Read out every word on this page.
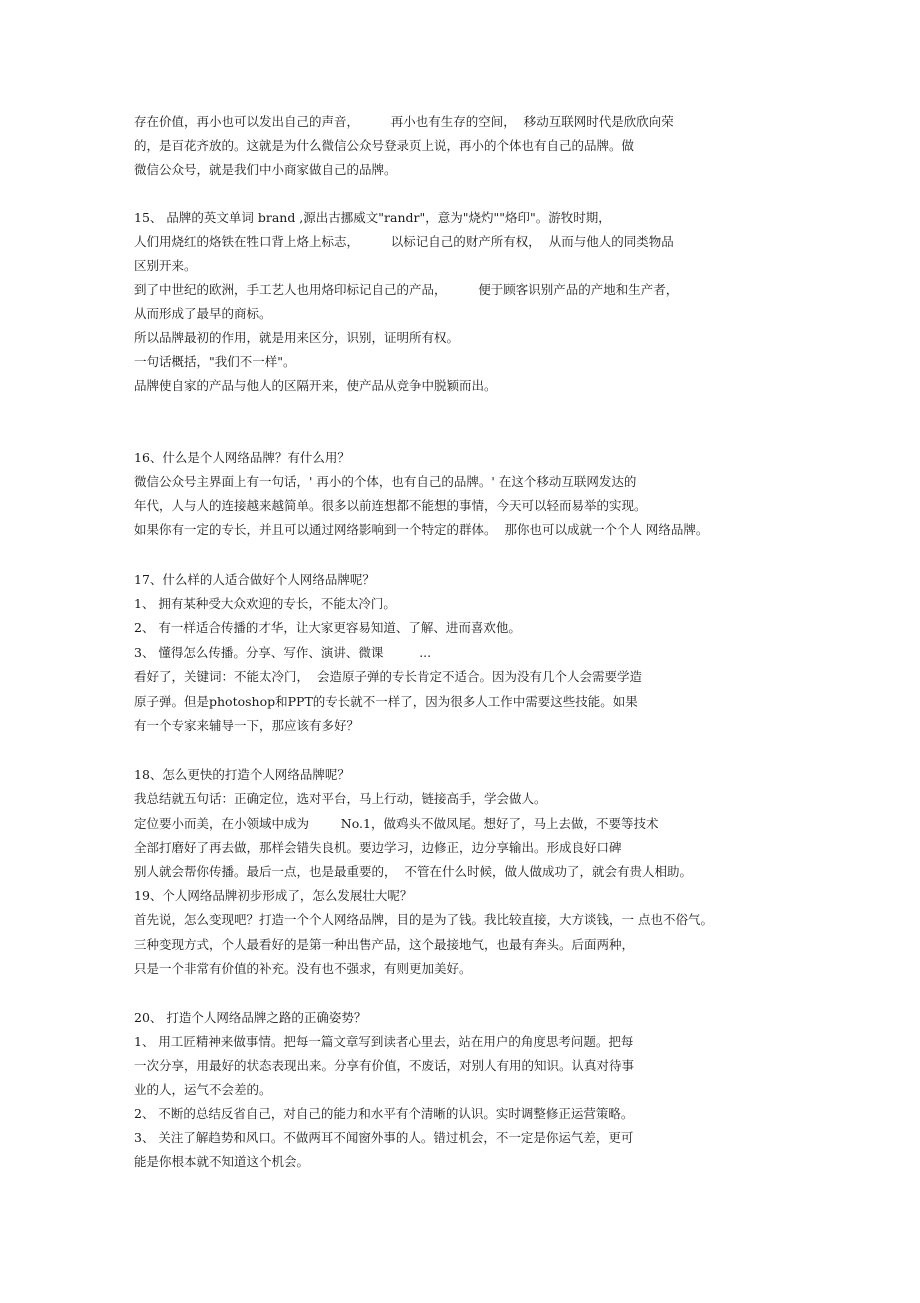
存在价值，再小也可以发出自己的声音，        再小也有生存的空间，  移动互联网时代是欣欣向荣
的，是百花齐放的。这就是为什么微信公众号登录页上说，再小的个体也有自己的品牌。做
微信公众号，就是我们中小商家做自己的品牌。
15、 品牌的英文单词 brand ,源出古挪威文"randr"，意为"烧灼""烙印"。游牧时期，
人们用烧红的烙铁在牲口背上烙上标志，        以标记自己的财产所有权，  从而与他人的同类物品
区别开来。
到了中世纪的欧洲，手工艺人也用烙印标记自己的产品，        便于顾客识别产品的产地和生产者，
从而形成了最早的商标。
所以品牌最初的作用，就是用来区分，识别，证明所有权。
一句话概括，"我们不一样"。
品牌使自家的产品与他人的区隔开来，使产品从竞争中脱颖而出。
16、什么是个人网络品牌？有什么用？
微信公众号主界面上有一句话，' 再小的个体，也有自己的品牌。' 在这个移动互联网发达的
年代，人与人的连接越来越简单。很多以前连想都不能想的事情，今天可以轻而易举的实现。
如果你有一定的专长，并且可以通过网络影响到一个特定的群体。  那你也可以成就一个个人 网络品牌。
17、什么样的人适合做好个人网络品牌呢？
1、 拥有某种受大众欢迎的专长，不能太冷门。
2、 有一样适合传播的才华，让大家更容易知道、了解、进而喜欢他。
3、 懂得怎么传播。分享、写作、演讲、微课         ...
看好了，关键词：不能太冷门，  会造原子弹的专长肯定不适合。因为没有几个人会需要学造
原子弹。但是photoshop和PPT的专长就不一样了，因为很多人工作中需要这些技能。如果
有一个专家来辅导一下，那应该有多好？
18、怎么更快的打造个人网络品牌呢？
我总结就五句话：正确定位，选对平台，马上行动，链接高手，学会做人。
定位要小而美，在小领域中成为        No.1，做鸡头不做凤尾。想好了，马上去做，不要等技术
全部打磨好了再去做，那样会错失良机。要边学习，边修正，边分享输出。形成良好口碑
别人就会帮你传播。最后一点，也是最重要的，  不管在什么时候，做人做成功了，就会有贵人相助。
19、个人网络品牌初步形成了，怎么发展壮大呢？
首先说，怎么变现吧？打造一个个人网络品牌，目的是为了钱。我比较直接，大方谈钱，一 点也不俗气。
三种变现方式，个人最看好的是第一种出售产品，这个最接地气，也最有奔头。后面两种，
只是一个非常有价值的补充。没有也不强求，有则更加美好。
20、 打造个人网络品牌之路的正确姿势？
1、 用工匠精神来做事情。把每一篇文章写到读者心里去，站在用户的角度思考问题。把每
一次分享，用最好的状态表现出来。分享有价值，不废话，对别人有用的知识。认真对待事
业的人，运气不会差的。
2、 不断的总结反省自己，对自己的能力和水平有个清晰的认识。实时调整修正运营策略。
3、 关注了解趋势和风口。不做两耳不闻窗外事的人。错过机会，不一定是你运气差，更可
能是你根本就不知道这个机会。
